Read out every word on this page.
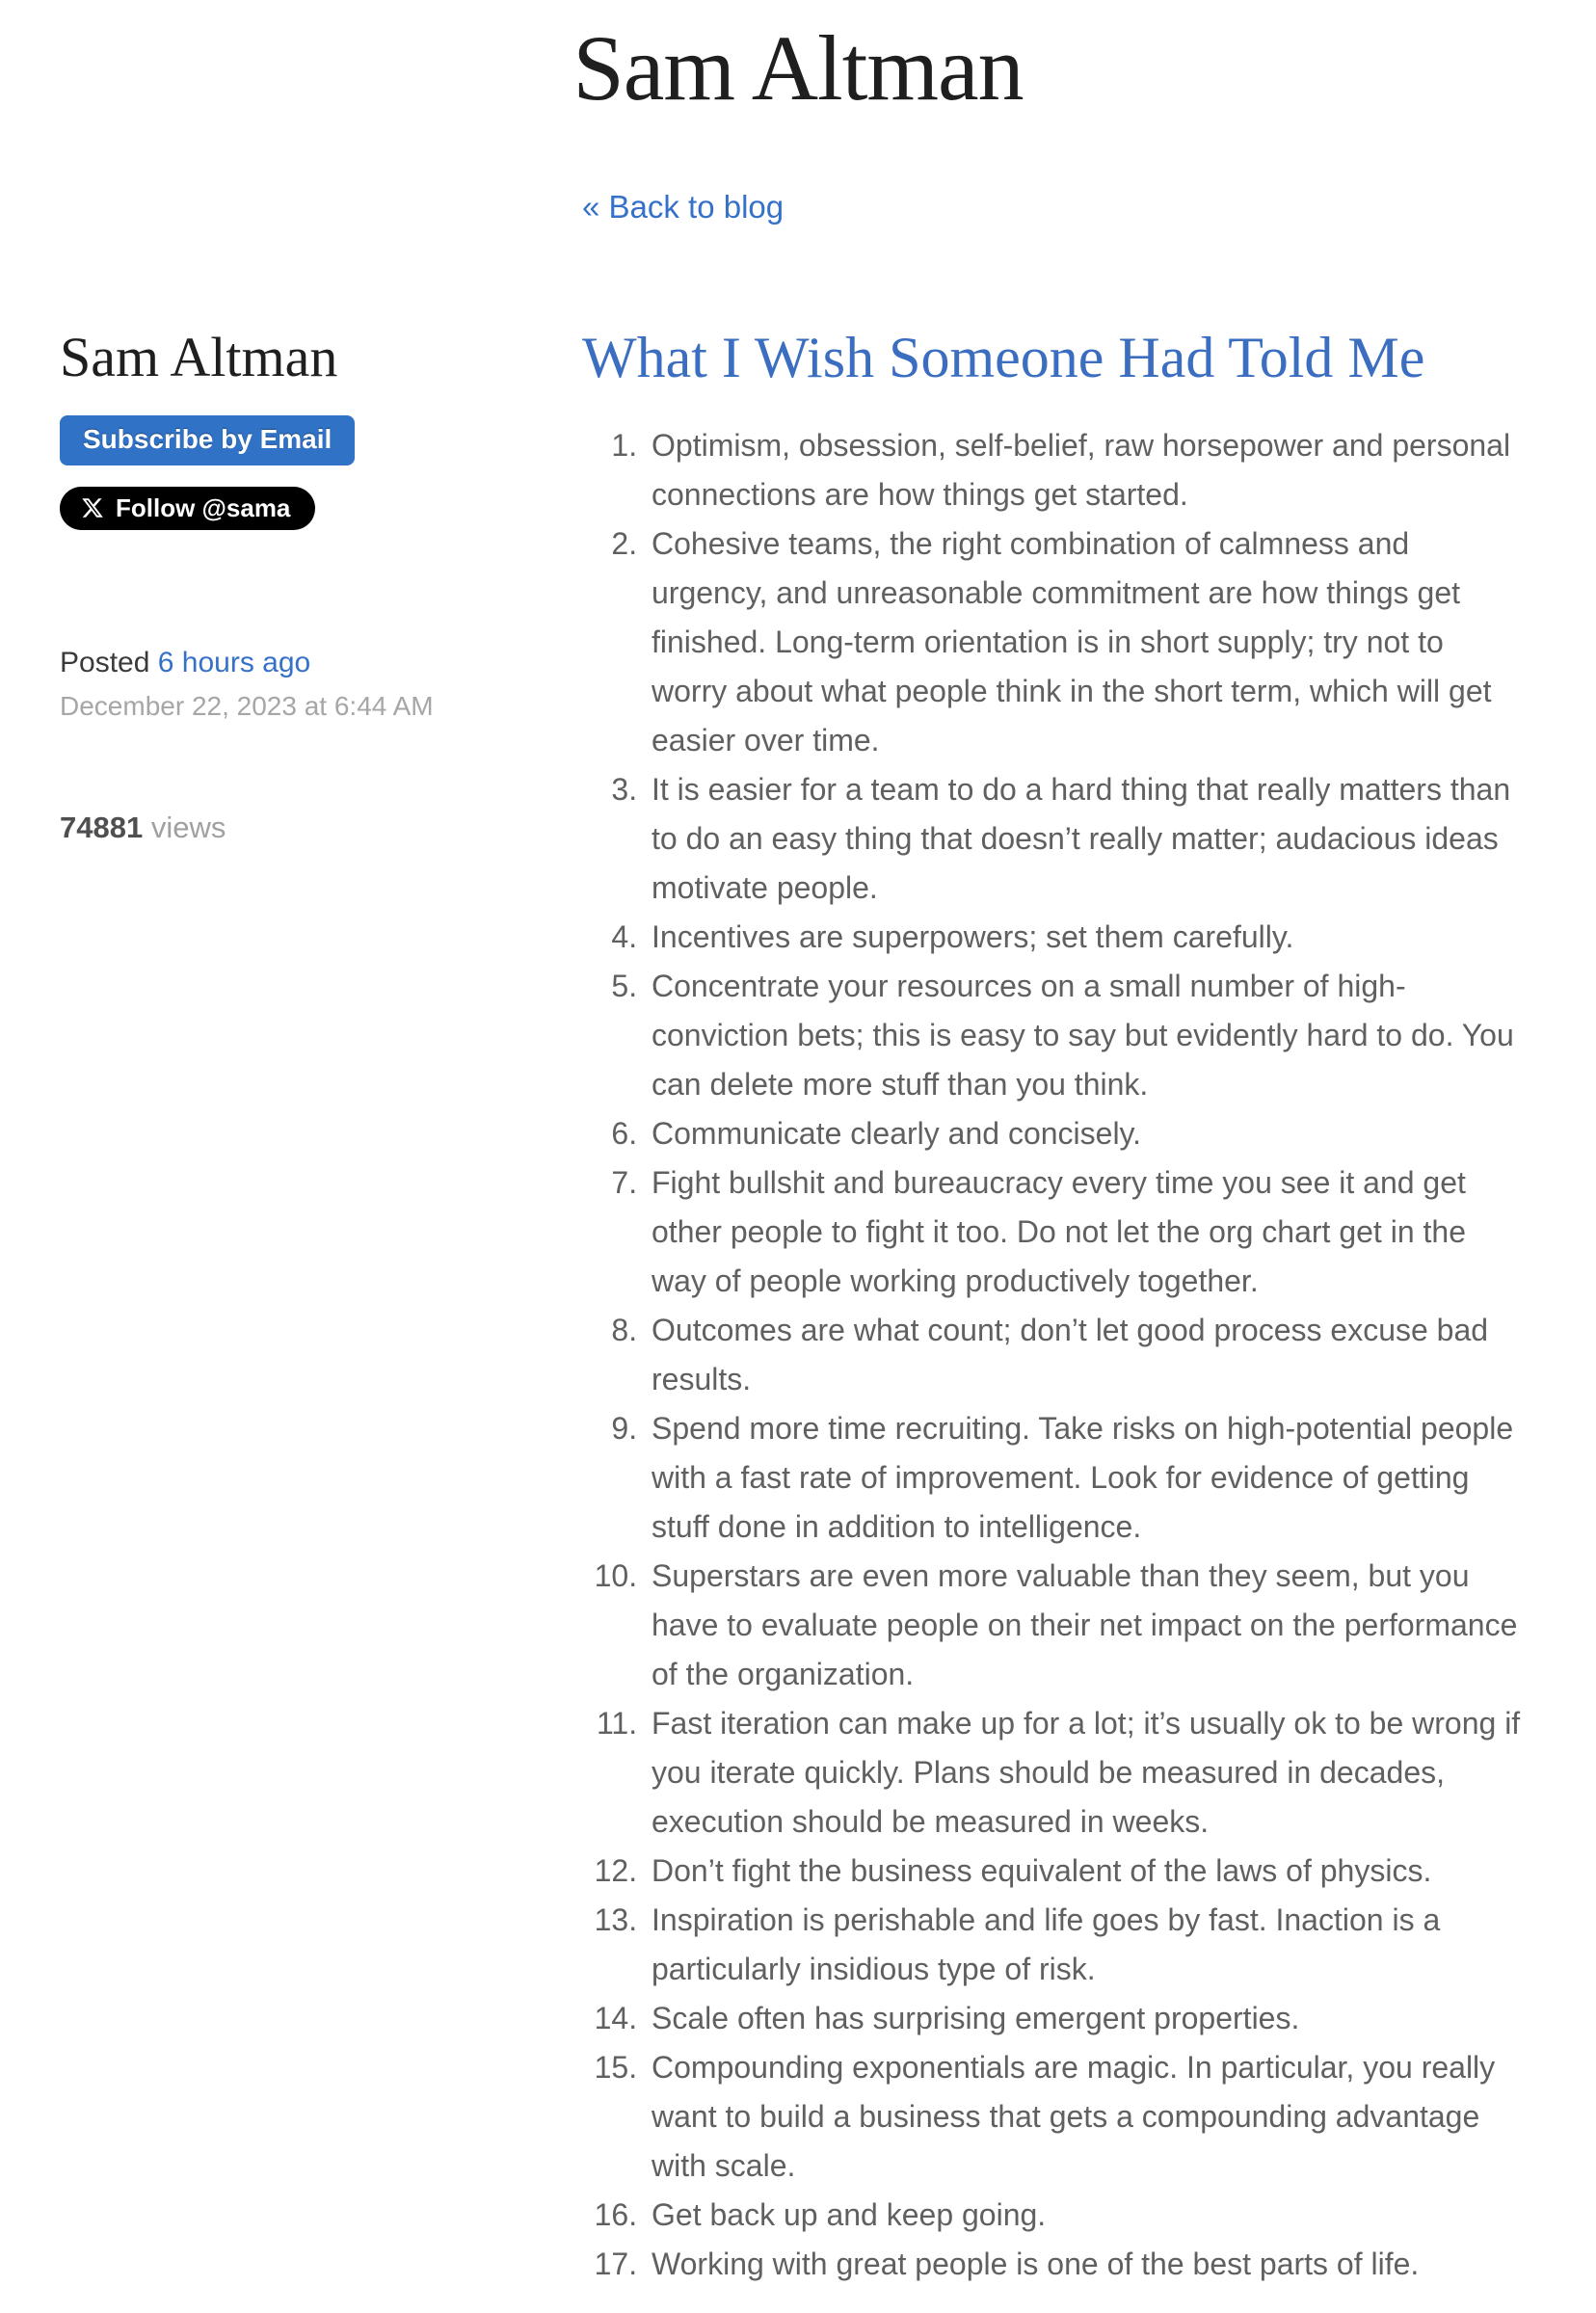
Sam Altman
Sam Altman
Subscribe by Email
Follow @sama
Posted 6 hours ago
December 22, 2023 at 6:44 AM
74881 views
« Back to blog
What I Wish Someone Had Told Me
1. Optimism, obsession, self-belief, raw horsepower and personal connections are how things get started.
2. Cohesive teams, the right combination of calmness and urgency, and unreasonable commitment are how things get finished. Long-term orientation is in short supply; try not to worry about what people think in the short term, which will get easier over time.
3. It is easier for a team to do a hard thing that really matters than to do an easy thing that doesn’t really matter; audacious ideas motivate people.
4. Incentives are superpowers; set them carefully.
5. Concentrate your resources on a small number of high-conviction bets; this is easy to say but evidently hard to do. You can delete more stuff than you think.
6. Communicate clearly and concisely.
7. Fight bullshit and bureaucracy every time you see it and get other people to fight it too. Do not let the org chart get in the way of people working productively together.
8. Outcomes are what count; don’t let good process excuse bad results.
9. Spend more time recruiting. Take risks on high-potential people with a fast rate of improvement. Look for evidence of getting stuff done in addition to intelligence.
10. Superstars are even more valuable than they seem, but you have to evaluate people on their net impact on the performance of the organization.
11. Fast iteration can make up for a lot; it’s usually ok to be wrong if you iterate quickly. Plans should be measured in decades, execution should be measured in weeks.
12. Don’t fight the business equivalent of the laws of physics.
13. Inspiration is perishable and life goes by fast. Inaction is a particularly insidious type of risk.
14. Scale often has surprising emergent properties.
15. Compounding exponentials are magic. In particular, you really want to build a business that gets a compounding advantage with scale.
16. Get back up and keep going.
17. Working with great people is one of the best parts of life.
